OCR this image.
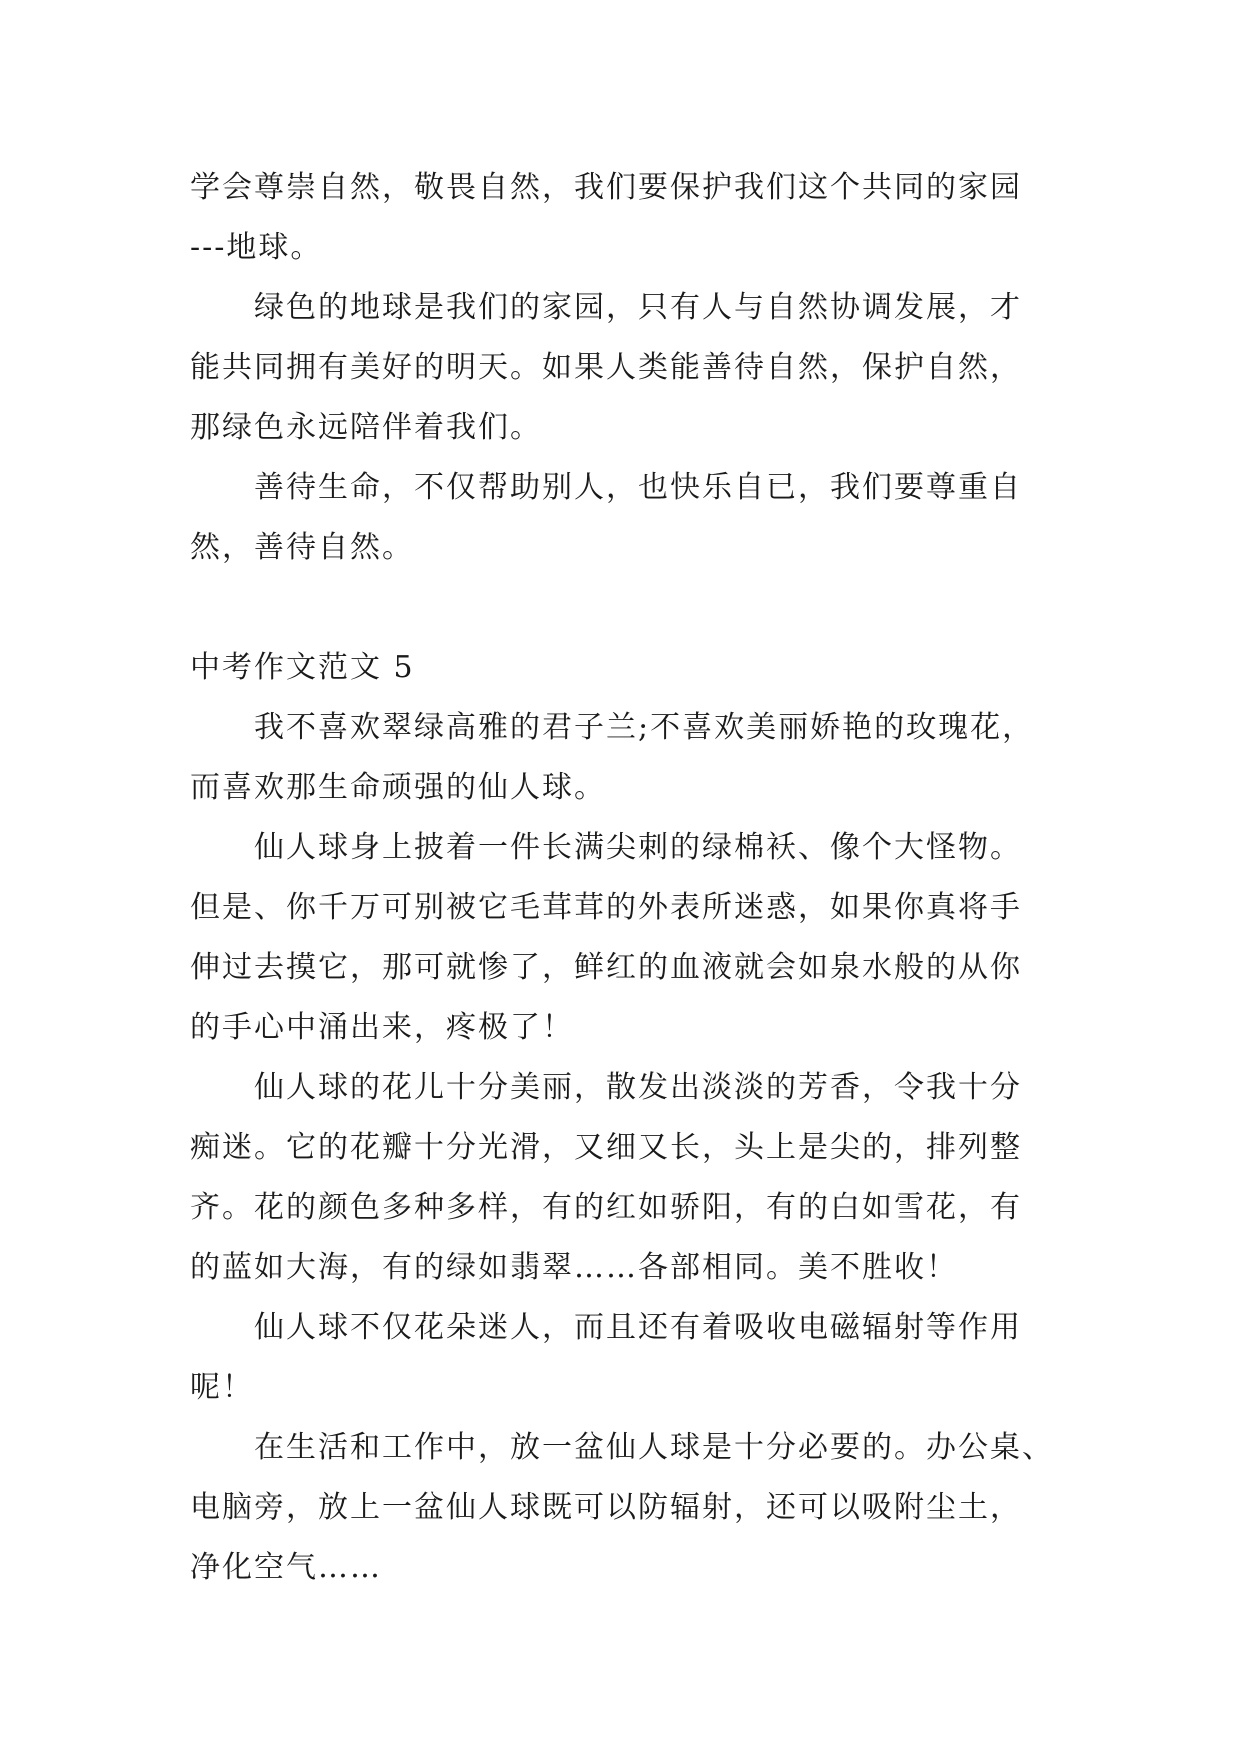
学会尊崇自然，敬畏自然，我们要保护我们这个共同的家园
---地球。

绿色的地球是我们的家园，只有人与自然协调发展，才
能共同拥有美好的明天。如果人类能善待自然，保护自然，
那绿色永远陪伴着我们。

善待生命，不仅帮助别人，也快乐自已，我们要尊重自
然，善待自然。

中考作文范文 5

我不喜欢翠绿高雅的君子兰;不喜欢美丽娇艳的玫瑰花，
而喜欢那生命顽强的仙人球。

仙人球身上披着一件长满尖刺的绿棉袄、像个大怪物。
但是、你千万可别被它毛茸茸的外表所迷惑，如果你真将手
伸过去摸它，那可就惨了，鲜红的血液就会如泉水般的从你
的手心中涌出来，疼极了！

仙人球的花儿十分美丽，散发出淡淡的芳香，令我十分
痴迷。它的花瓣十分光滑，又细又长，头上是尖的，排列整
齐。花的颜色多种多样，有的红如骄阳，有的白如雪花，有
的蓝如大海，有的绿如翡翠……各部相同。美不胜收！

仙人球不仅花朵迷人，而且还有着吸收电磁辐射等作用
呢！

在生活和工作中，放一盆仙人球是十分必要的。办公桌、
电脑旁，放上一盆仙人球既可以防辐射，还可以吸附尘土，
净化空气……
